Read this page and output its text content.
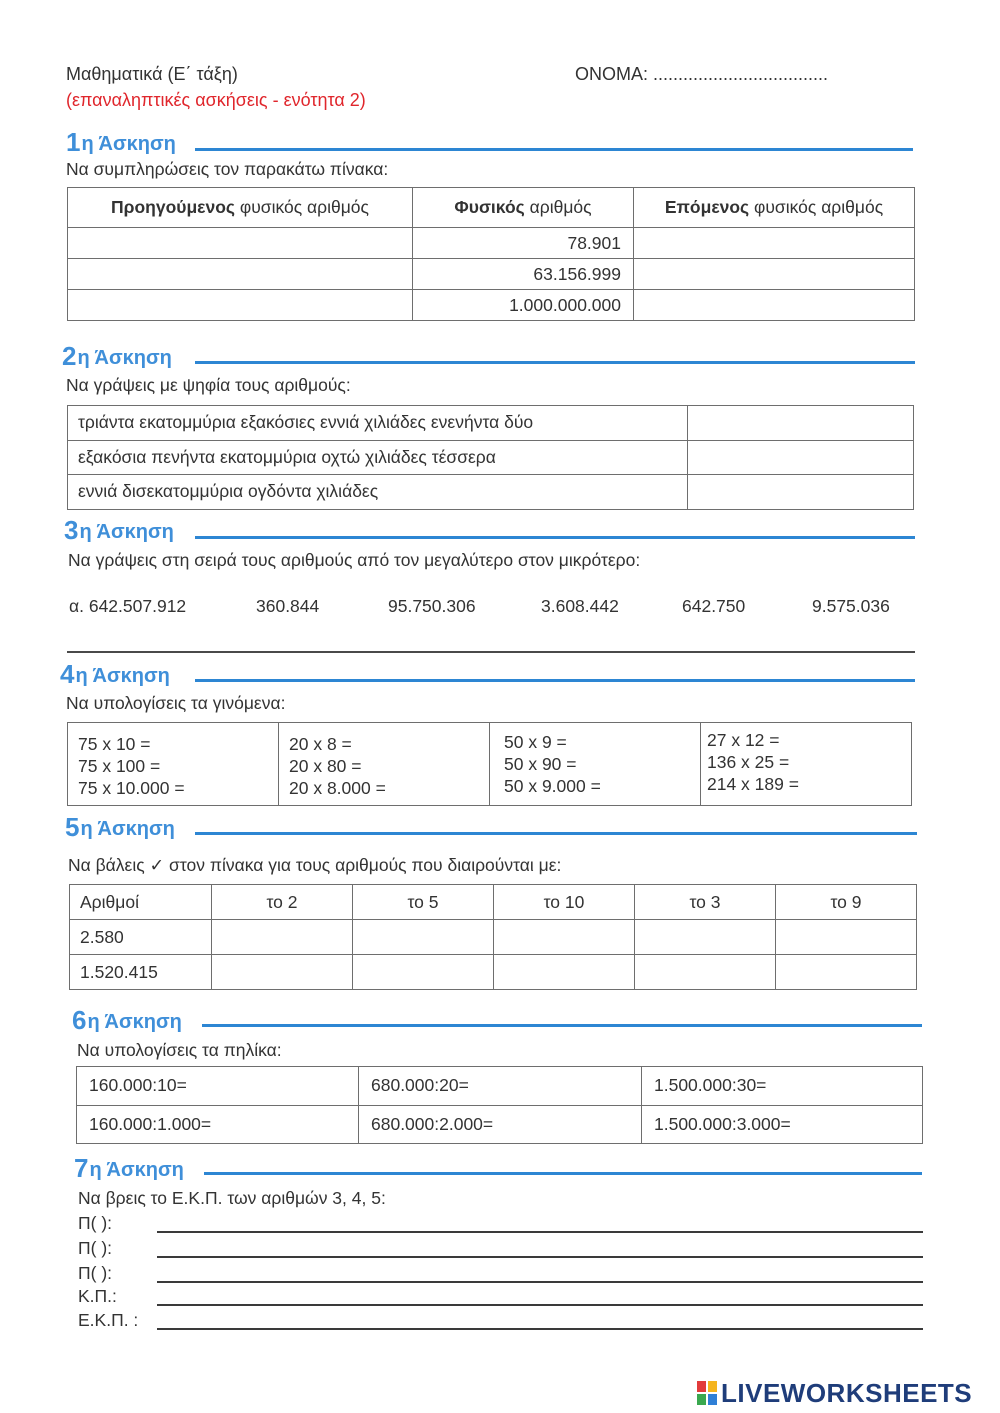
Μαθηματικά (Ε΄ τάξη)
(επαναληπτικές ασκήσεις - ενότητα 2)
ΟΝΟΜΑ: ...................................
1 η Άσκηση
Να συμπληρώσεις τον παρακάτω πίνακα:
Προηγούμενος φυσικός αριθμός	Φυσικός αριθμός	Επόμενος φυσικός αριθμός
	78.901	
	63.156.999	
	1.000.000.000	
2 η Άσκηση
Να γράψεις με ψηφία τους αριθμούς:
τριάντα εκατομμύρια εξακόσιες εννιά χιλιάδες ενενήντα δύο	
εξακόσια πενήντα εκατομμύρια οχτώ χιλιάδες τέσσερα	
εννιά δισεκατομμύρια ογδόντα χιλιάδες	
3 η Άσκηση
Να γράψεις στη σειρά τους αριθμούς από τον μεγαλύτερο στον μικρότερο:
α. 642.507.912	360.844	95.750.306	3.608.442	642.750	9.575.036
4 η Άσκηση
Να υπολογίσεις τα γινόμενα:
75 x 10 =
75 x 100 =
75 x 10.000 =

20 x 8 =
20 x 80 =
20 x 8.000 =

50 x 9 =
50 x 90 =
50 x 9.000 =

27 x 12 =
136 x 25 =
214 x 189 =
5 η Άσκηση
Να βάλεις ✓ στον πίνακα για τους αριθμούς που διαιρούνται με:
Αριθμοί	το 2	το 5	το 10	το 3	το 9
2.580					
1.520.415					
6 η Άσκηση
Να υπολογίσεις τα πηλίκα:
160.000:10=	680.000:20=	1.500.000:30=
160.000:1.000=	680.000:2.000=	1.500.000:3.000=
7 η Άσκηση
Να βρεις το Ε.Κ.Π. των αριθμών 3, 4, 5:
Π( ):
Π( ):
Π( ):
Κ.Π.:
Ε.Κ.Π. :
LIVEWORKSHEETS
